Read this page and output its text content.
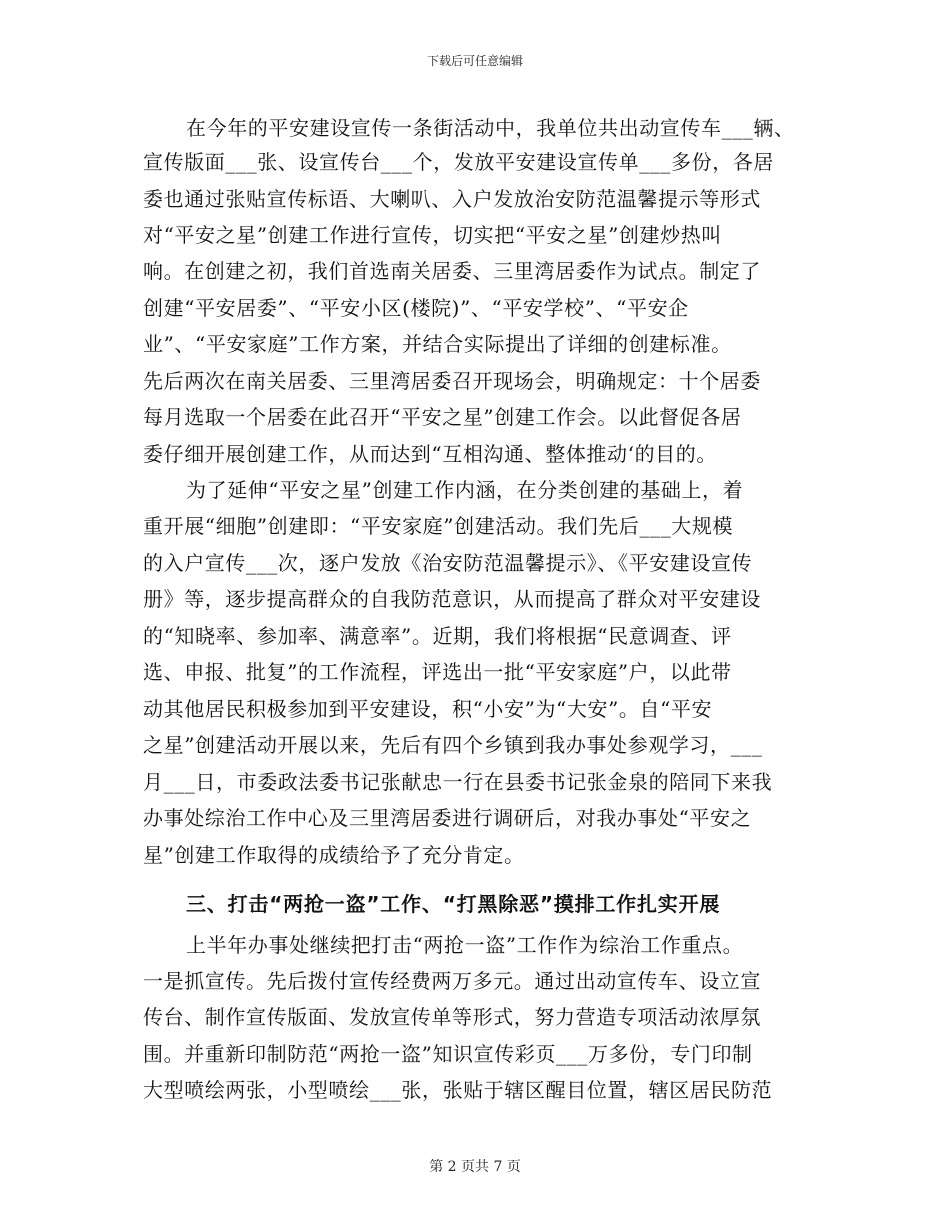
下载后可任意编辑
在今年的平安建设宣传一条街活动中，我单位共出动宣传车___辆、
宣传版面___张、设宣传台___个，发放平安建设宣传单___多份，各居
委也通过张贴宣传标语、大喇叭、入户发放治安防范温馨提示等形式
对“平安之星”创建工作进行宣传，切实把“平安之星”创建炒热叫
响。在创建之初，我们首选南关居委、三里湾居委作为试点。制定了
创建“平安居委”、“平安小区(楼院)”、“平安学校”、“平安企
业”、“平安家庭”工作方案，并结合实际提出了详细的创建标准。
先后两次在南关居委、三里湾居委召开现场会，明确规定：十个居委
每月选取一个居委在此召开“平安之星”创建工作会。以此督促各居
委仔细开展创建工作，从而达到“互相沟通、整体推动‘的目的。
为了延伸“平安之星”创建工作内涵，在分类创建的基础上，着
重开展“细胞”创建即：“平安家庭”创建活动。我们先后___大规模
的入户宣传___次，逐户发放《治安防范温馨提示》、《平安建设宣传
册》等，逐步提高群众的自我防范意识，从而提高了群众对平安建设
的“知晓率、参加率、满意率”。近期，我们将根据“民意调查、评
选、申报、批复”的工作流程，评选出一批“平安家庭”户，以此带
动其他居民积极参加到平安建设，积“小安”为“大安”。自“平安
之星”创建活动开展以来，先后有四个乡镇到我办事处参观学习，___
月___日，市委政法委书记张献忠一行在县委书记张金泉的陪同下来我
办事处综治工作中心及三里湾居委进行调研后，对我办事处“平安之
星”创建工作取得的成绩给予了充分肯定。
三、打击“两抢一盗”工作、“打黑除恶”摸排工作扎实开展
上半年办事处继续把打击“两抢一盗”工作作为综治工作重点。
一是抓宣传。先后拨付宣传经费两万多元。通过出动宣传车、设立宣
传台、制作宣传版面、发放宣传单等形式，努力营造专项活动浓厚氛
围。并重新印制防范“两抢一盗”知识宣传彩页___万多份，专门印制
大型喷绘两张，小型喷绘___张，张贴于辖区醒目位置，辖区居民防范
第 2 页共 7 页
